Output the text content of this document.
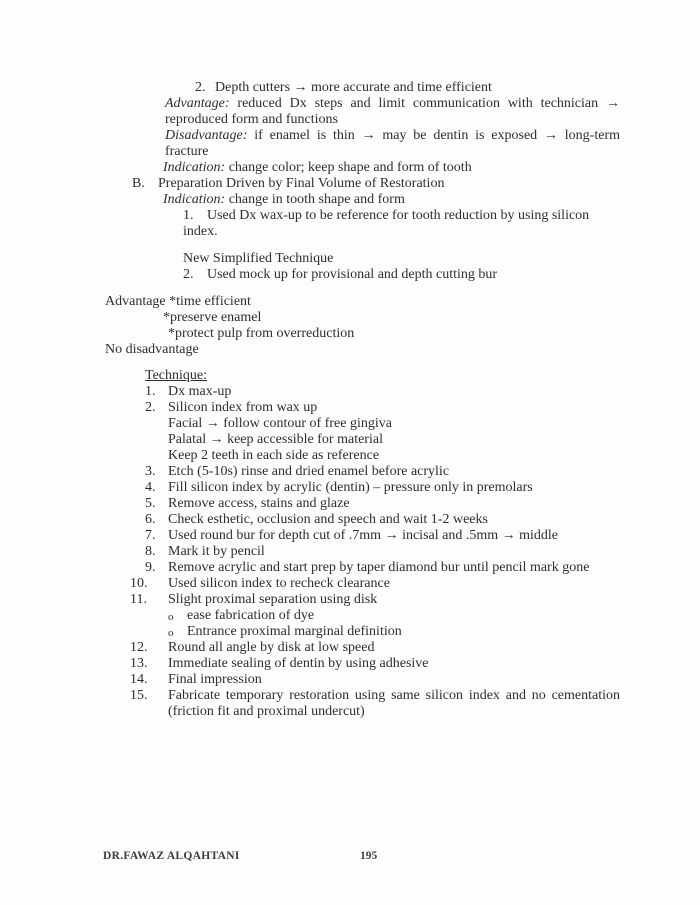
2. Depth cutters → more accurate and time efficient
Advantage: reduced Dx steps and limit communication with technician → reproduced form and functions
Disadvantage: if enamel is thin → may be dentin is exposed → long-term fracture
Indication: change color; keep shape and form of tooth
B. Preparation Driven by Final Volume of Restoration
Indication: change in tooth shape and form
1. Used Dx wax-up to be reference for tooth reduction by using silicon index.
New Simplified Technique
2. Used mock up for provisional and depth cutting bur
Advantage *time efficient
*preserve enamel
*protect pulp from overreduction
No disadvantage
Technique:
1. Dx max-up
2. Silicon index from wax up
Facial → follow contour of free gingiva
Palatal → keep accessible for material
Keep 2 teeth in each side as reference
3. Etch (5-10s) rinse and dried enamel before acrylic
4. Fill silicon index by acrylic (dentin) – pressure only in premolars
5. Remove access, stains and glaze
6. Check esthetic, occlusion and speech and wait 1-2 weeks
7. Used round bur for depth cut of .7mm → incisal and .5mm → middle
8. Mark it by pencil
9. Remove acrylic and start prep by taper diamond bur until pencil mark gone
10. Used silicon index to recheck clearance
11. Slight proximal separation using disk
o ease fabrication of dye
o Entrance proximal marginal definition
12. Round all angle by disk at low speed
13. Immediate sealing of dentin by using adhesive
14. Final impression
15. Fabricate temporary restoration using same silicon index and no cementation (friction fit and proximal undercut)
DR.FAWAZ ALQAHTANI	195
